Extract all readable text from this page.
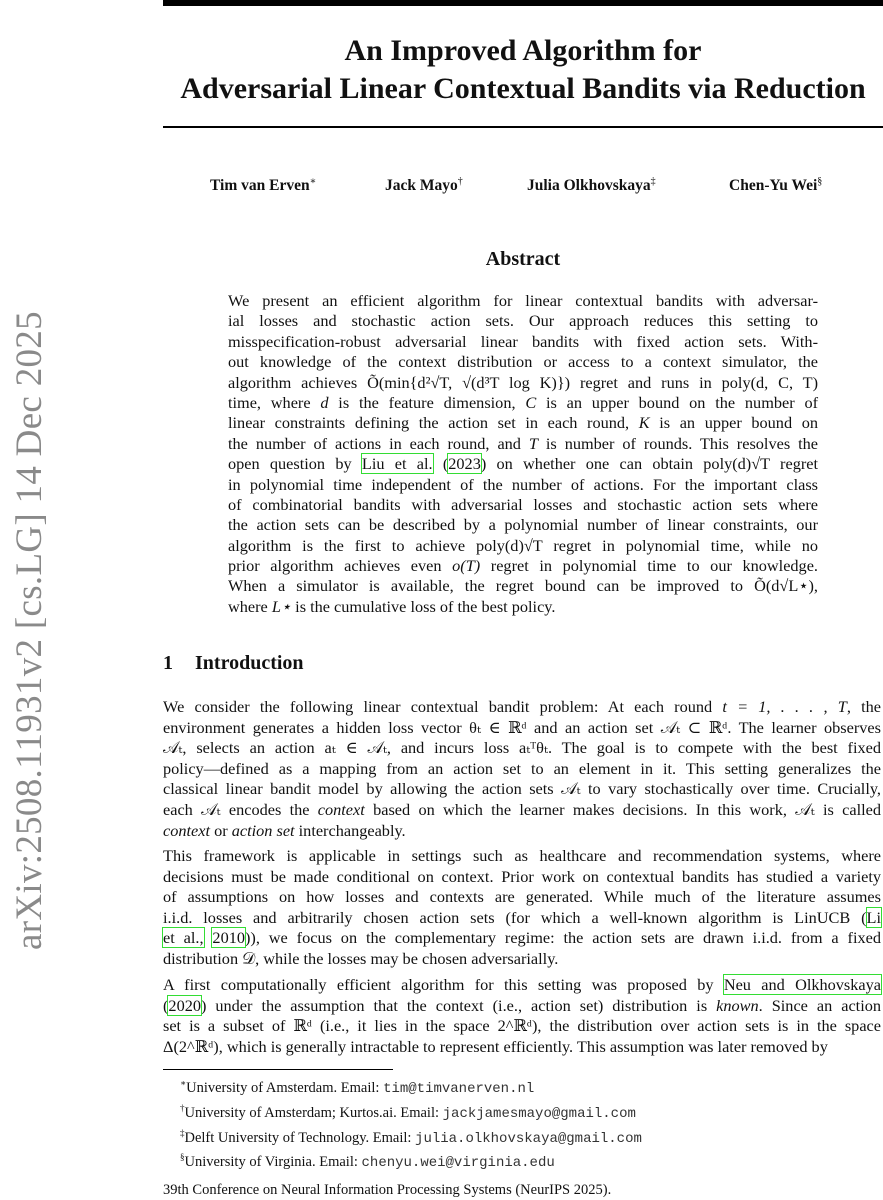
arXiv:2508.11931v2 [cs.LG] 14 Dec 2025
An Improved Algorithm for
Adversarial Linear Contextual Bandits via Reduction
Tim van Erven∗	Jack Mayo†	Julia Olkhovskaya‡	Chen-Yu Wei§
Abstract
We present an efficient algorithm for linear contextual bandits with adversar-
ial losses and stochastic action sets. Our approach reduces this setting to
misspecification-robust adversarial linear bandits with fixed action sets. With-
out knowledge of the context distribution or access to a context simulator, the
algorithm achieves Õ(min{d²√T, √(d³T log K)}) regret and runs in poly(d, C, T)
time, where d is the feature dimension, C is an upper bound on the number of
linear constraints defining the action set in each round, K is an upper bound on
the number of actions in each round, and T is number of rounds. This resolves the
open question by Liu et al. (2023) on whether one can obtain poly(d)√T regret
in polynomial time independent of the number of actions. For the important class
of combinatorial bandits with adversarial losses and stochastic action sets where
the action sets can be described by a polynomial number of linear constraints, our
algorithm is the first to achieve poly(d)√T regret in polynomial time, while no
prior algorithm achieves even o(T) regret in polynomial time to our knowledge.
When a simulator is available, the regret bound can be improved to Õ(d√L⋆),
where L⋆ is the cumulative loss of the best policy.
1 Introduction
We consider the following linear contextual bandit problem: At each round t = 1, . . . , T, the
environment generates a hidden loss vector θₜ ∈ ℝᵈ and an action set 𝒜ₜ ⊂ ℝᵈ. The learner observes
𝒜ₜ, selects an action aₜ ∈ 𝒜ₜ, and incurs loss aₜᵀθₜ. The goal is to compete with the best fixed
policy—defined as a mapping from an action set to an element in it. This setting generalizes the
classical linear bandit model by allowing the action sets 𝒜ₜ to vary stochastically over time. Crucially,
each 𝒜ₜ encodes the context based on which the learner makes decisions. In this work, 𝒜ₜ is called
context or action set interchangeably.
This framework is applicable in settings such as healthcare and recommendation systems, where
decisions must be made conditional on context. Prior work on contextual bandits has studied a variety
of assumptions on how losses and contexts are generated. While much of the literature assumes
i.i.d. losses and arbitrarily chosen action sets (for which a well-known algorithm is LinUCB (Li
et al., 2010)), we focus on the complementary regime: the action sets are drawn i.i.d. from a fixed
distribution 𝒟, while the losses may be chosen adversarially.
A first computationally efficient algorithm for this setting was proposed by Neu and Olkhovskaya
(2020) under the assumption that the context (i.e., action set) distribution is known. Since an action
set is a subset of ℝᵈ (i.e., it lies in the space 2^ℝᵈ), the distribution over action sets is in the space
Δ(2^ℝᵈ), which is generally intractable to represent efficiently. This assumption was later removed by
∗University of Amsterdam. Email: tim@timvanerven.nl
†University of Amsterdam; Kurtos.ai. Email: jackjamesmayo@gmail.com
‡Delft University of Technology. Email: julia.olkhovskaya@gmail.com
§University of Virginia. Email: chenyu.wei@virginia.edu
39th Conference on Neural Information Processing Systems (NeurIPS 2025).
